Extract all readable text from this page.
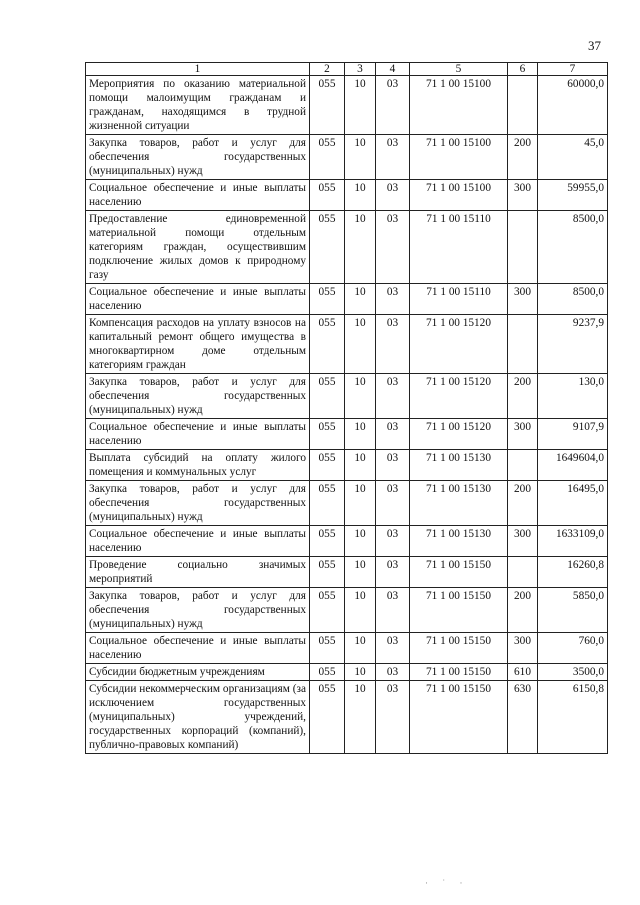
37
1	2	3	4	5	6	7
Мероприятия по оказанию материальной помощи малоимущим гражданам и гражданам, находящимся в трудной жизненной ситуации	055	10	03	71 1 00 15100		60000,0
Закупка товаров, работ и услуг для обеспечения государственных (муниципальных) нужд	055	10	03	71 1 00 15100	200	45,0
Социальное обеспечение и иные выплаты населению	055	10	03	71 1 00 15100	300	59955,0
Предоставление единовременной материальной помощи отдельным категориям граждан, осуществившим подключение жилых домов к природному газу	055	10	03	71 1 00 15110		8500,0
Социальное обеспечение и иные выплаты населению	055	10	03	71 1 00 15110	300	8500,0
Компенсация расходов на уплату взносов на капитальный ремонт общего имущества в многоквартирном доме отдельным категориям граждан	055	10	03	71 1 00 15120		9237,9
Закупка товаров, работ и услуг для обеспечения государственных (муниципальных) нужд	055	10	03	71 1 00 15120	200	130,0
Социальное обеспечение и иные выплаты населению	055	10	03	71 1 00 15120	300	9107,9
Выплата субсидий на оплату жилого помещения и коммунальных услуг	055	10	03	71 1 00 15130		1649604,0
Закупка товаров, работ и услуг для обеспечения государственных (муниципальных) нужд	055	10	03	71 1 00 15130	200	16495,0
Социальное обеспечение и иные выплаты населению	055	10	03	71 1 00 15130	300	1633109,0
Проведение социально значимых мероприятий	055	10	03	71 1 00 15150		16260,8
Закупка товаров, работ и услуг для обеспечения государственных (муниципальных) нужд	055	10	03	71 1 00 15150	200	5850,0
Социальное обеспечение и иные выплаты населению	055	10	03	71 1 00 15150	300	760,0
Субсидии бюджетным учреждениям	055	10	03	71 1 00 15150	610	3500,0
Субсидии некоммерческим организациям (за исключением государственных (муниципальных) учреждений, государственных корпораций (компаний), публично-правовых компаний)	055	10	03	71 1 00 15150	630	6150,8
· ˙ ·
